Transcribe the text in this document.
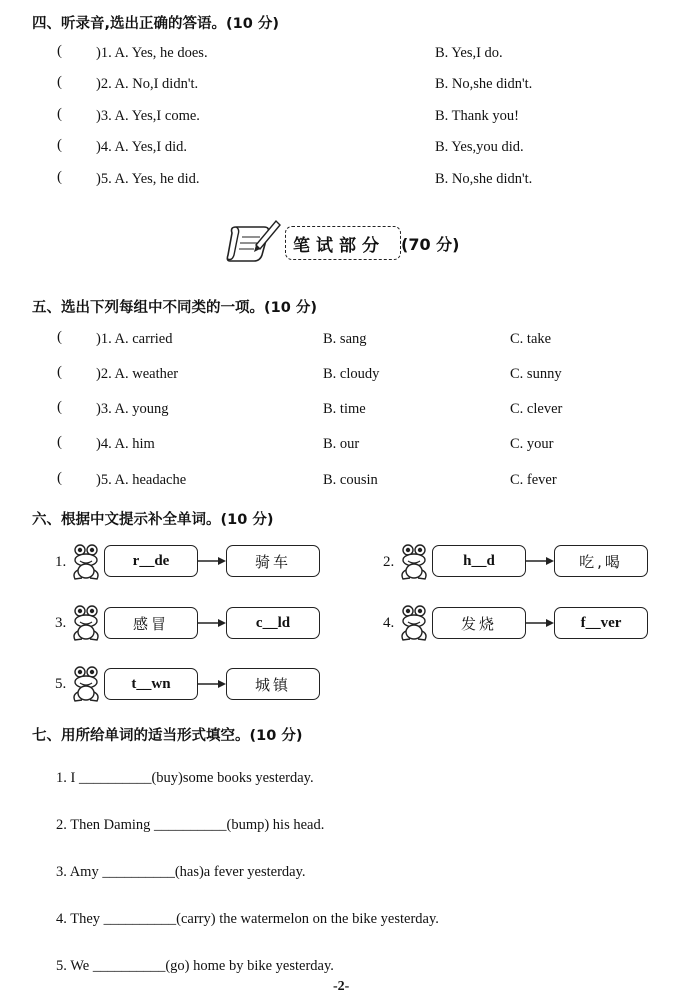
四、听录音,选出正确的答语。(10 分)
( )1. A. Yes, he does.	B. Yes,I do.
( )2. A. No,I didn't.	B. No,she didn't.
( )3. A. Yes,I come.	B. Thank you!
( )4. A. Yes,I did.	B. Yes,you did.
( )5. A. Yes, he did.	B. No,she didn't.
笔试部分 (70 分)
五、选出下列每组中不同类的一项。(10 分)
( )1. A. carried	B. sang	C. take
( )2. A. weather	B. cloudy	C. sunny
( )3. A. young	B. time	C. clever
( )4. A. him	B. our	C. your
( )5. A. headache	B. cousin	C. fever
六、根据中文提示补全单词。(10 分)
1.	r__de	骑车	2.	h__d	吃,喝
3.	感冒	c__ld	4.	发烧	f__ver
5.	t__wn	城镇
七、用所给单词的适当形式填空。(10 分)
1. I __________(buy)some books yesterday.
2. Then Daming __________(bump) his head.
3. Amy __________(has)a fever yesterday.
4. They __________(carry) the watermelon on the bike yesterday.
5. We __________(go) home by bike yesterday.
-2-
